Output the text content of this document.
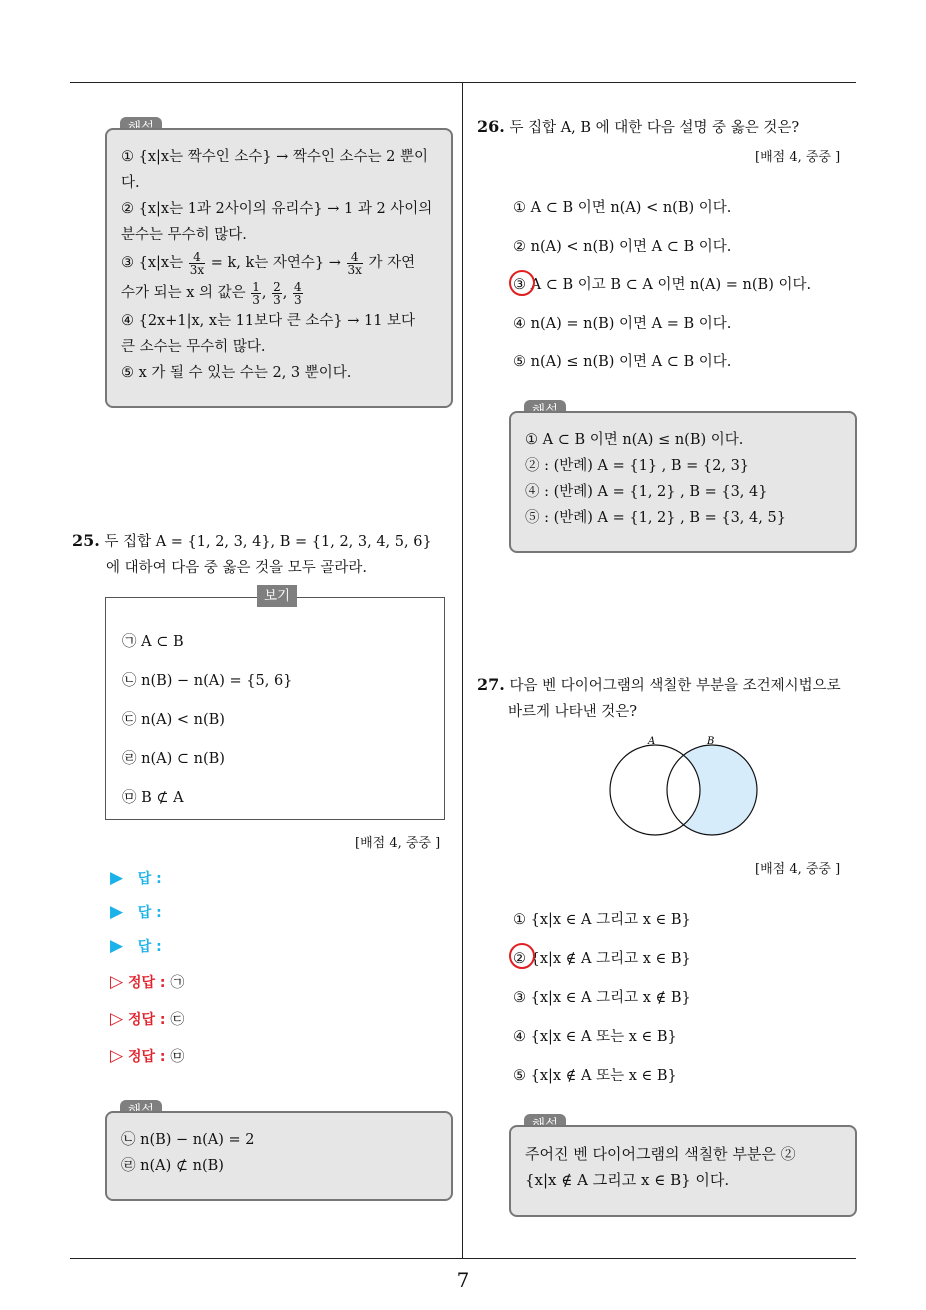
① {x|x는 짝수인 소수} → 짝수인 소수는 2 뿐이
다.
② {x|x는 1과 2사이의 유리수} → 1 과 2 사이의
분수는 무수히 많다.
③ {x|x는 $\frac{4}{3x} = k$, k는 자연수} → $\frac{4}{3x}$ 가 자연
수가 되는 x 의 값은 $\frac{1}{3}$ , $\frac{2}{3}$ , $\frac{4}{3}$
④ {2x+1|x, x는 11보다 큰 소수} → 11 보다
큰 소수는 무수히 많다.
⑤ x 가 될 수 있는 수는 2, 3 뿐이다.
25. 두 집합 A = {1, 2, 3, 4}, B = {1, 2, 3, 4, 5, 6}
에 대하여 다음 중 옳은 것을 모두 골라라.
보기
㉠ A ⊂ B
㉡ n(B) − n(A) = {5, 6}
㉢ n(A) < n(B)
㉣ n(A) ⊂ n(B)
㉤ B ⊄ A
[배점 4, 중중 ]
▶ 답 :
▶ 답 :
▶ 답 :
▷ 정답 : ㉠
▷ 정답 : ㉢
▷ 정답 : ㉤
㉡ n(B) − n(A) = 2
㉣ n(A) ⊄ n(B)
26. 두 집합 A, B 에 대한 다음 설명 중 옳은 것은?
[배점 4, 중중 ]
① A ⊂ B 이면 n(A) < n(B) 이다.
② n(A) < n(B) 이면 A ⊂ B 이다.
③ A ⊂ B 이고 B ⊂ A 이면 n(A) = n(B) 이다.
④ n(A) = n(B) 이면 A = B 이다.
⑤ n(A) ≤ n(B) 이면 A ⊂ B 이다.
① A ⊂ B 이면 n(A) ≤ n(B) 이다.
② : (반례) A = {1} , B = {2, 3}
④ : (반례) A = {1, 2} , B = {3, 4}
⑤ : (반례) A = {1, 2} , B = {3, 4, 5}
27. 다음 벤 다이어그램의 색칠한 부분을 조건제시법으로
바르게 나타낸 것은?
A	B
[배점 4, 중중 ]
① {x|x ∈ A 그리고 x ∈ B}
② {x|x ∉ A 그리고 x ∈ B}
③ {x|x ∈ A 그리고 x ∉ B}
④ {x|x ∈ A 또는 x ∈ B}
⑤ {x|x ∉ A 또는 x ∈ B}
주어진 벤 다이어그램의 색칠한 부분은 ②
{x|x ∉ A 그리고 x ∈ B} 이다.
7
